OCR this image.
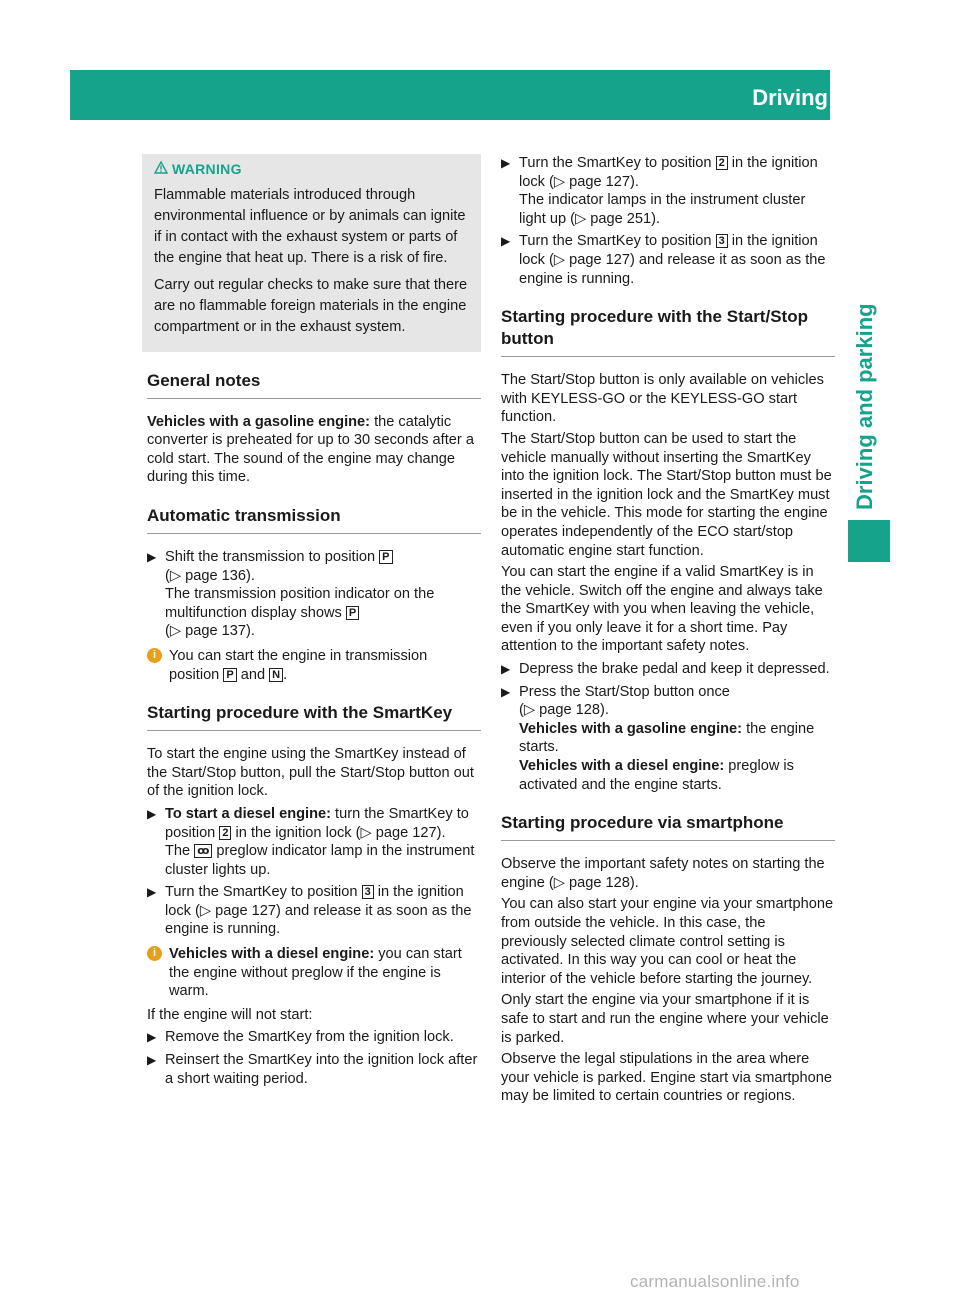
Driving	129
Driving and parking
WARNING

Flammable materials introduced through environmental influence or by animals can ignite if in contact with the exhaust system or parts of the engine that heat up. There is a risk of fire.

Carry out regular checks to make sure that there are no flammable foreign materials in the engine compartment or in the exhaust system.

General notes

Vehicles with a gasoline engine: the catalytic converter is preheated for up to 30 seconds after a cold start. The sound of the engine may change during this time.

Automatic transmission
▶ Shift the transmission to position P
(▷ page 136).
The transmission position indicator on the multifunction display shows P
(▷ page 137).
i You can start the engine in transmission position P and N .
Starting procedure with the SmartKey

To start the engine using the SmartKey instead of the Start/Stop button, pull the Start/Stop button out of the ignition lock.

▶ To start a diesel engine: turn the SmartKey to position 2 in the ignition lock (▷ page 127).
The ꝏ preglow indicator lamp in the instrument cluster lights up.
▶ Turn the SmartKey to position 3 in the ignition lock (▷ page 127) and release it as soon as the engine is running.
i Vehicles with a diesel engine: you can start the engine without preglow if the engine is warm.

If the engine will not start:

▶ Remove the SmartKey from the ignition lock.
▶ Reinsert the SmartKey into the ignition lock after a short waiting period.
▶ Turn the SmartKey to position 2 in the ignition lock (▷ page 127).
The indicator lamps in the instrument cluster light up (▷ page 251).
▶ Turn the SmartKey to position 3 in the ignition lock (▷ page 127) and release it as soon as the engine is running.
Starting procedure with the Start/Stop button

The Start/Stop button is only available on vehicles with KEYLESS-GO or the KEYLESS-GO start function.

The Start/Stop button can be used to start the vehicle manually without inserting the SmartKey into the ignition lock. The Start/Stop button must be inserted in the ignition lock and the SmartKey must be in the vehicle. This mode for starting the engine operates independently of the ECO start/stop automatic engine start function.

You can start the engine if a valid SmartKey is in the vehicle. Switch off the engine and always take the SmartKey with you when leaving the vehicle, even if you only leave it for a short time. Pay attention to the important safety notes.

▶ Depress the brake pedal and keep it depressed.
▶ Press the Start/Stop button once
(▷ page 128).
Vehicles with a gasoline engine: the engine starts.
Vehicles with a diesel engine: preglow is activated and the engine starts.
Starting procedure via smartphone

Observe the important safety notes on starting the engine (▷ page 128).

You can also start your engine via your smartphone from outside the vehicle. In this case, the previously selected climate control setting is activated. In this way you can cool or heat the interior of the vehicle before starting the journey.

Only start the engine via your smartphone if it is safe to start and run the engine where your vehicle is parked.

Observe the legal stipulations in the area where your vehicle is parked. Engine start via smartphone may be limited to certain countries or regions.

carmanualsonline.info
